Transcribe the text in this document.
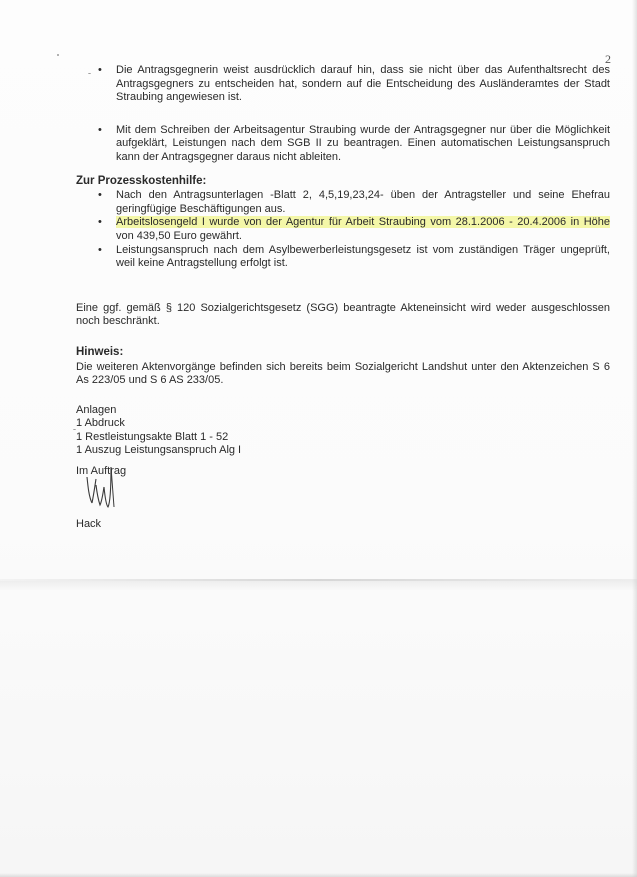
2
• Die Antragsgegnerin weist ausdrücklich darauf hin, dass sie nicht über das Aufenthaltsrecht des Antragsgegners zu entscheiden hat, sondern auf die Entscheidung des Ausländeramtes der Stadt Straubing angewiesen ist.
• Mit dem Schreiben der Arbeitsagentur Straubing wurde der Antragsgegner nur über die Möglichkeit aufgeklärt, Leistungen nach dem SGB II zu beantragen. Einen automatischen Leistungsanspruch kann der Antragsgegner daraus nicht ableiten.
Zur Prozesskostenhilfe:
• Nach den Antragsunterlagen -Blatt 2, 4,5,19,23,24- üben der Antragsteller und seine Ehefrau geringfügige Beschäftigungen aus.
• Arbeitslosengeld I wurde von der Agentur für Arbeit Straubing vom 28.1.2006 - 20.4.2006 in Höhe von 439,50 Euro gewährt.
• Leistungsanspruch nach dem Asylbewerberleistungsgesetz ist vom zuständigen Träger ungeprüft, weil keine Antragstellung erfolgt ist.

Eine ggf. gemäß § 120 Sozialgerichtsgesetz (SGG) beantragte Akteneinsicht wird weder ausgeschlossen noch beschränkt.

Hinweis:

Die weiteren Aktenvorgänge befinden sich bereits beim Sozialgericht Landshut unter den Aktenzeichen S 6 As 223/05 und S 6 AS 233/05.

Anlagen
1 Abdruck
1 Restleistungsakte Blatt 1 - 52
1 Auszug Leistungsanspruch Alg I
Im Auftrag
Hack
